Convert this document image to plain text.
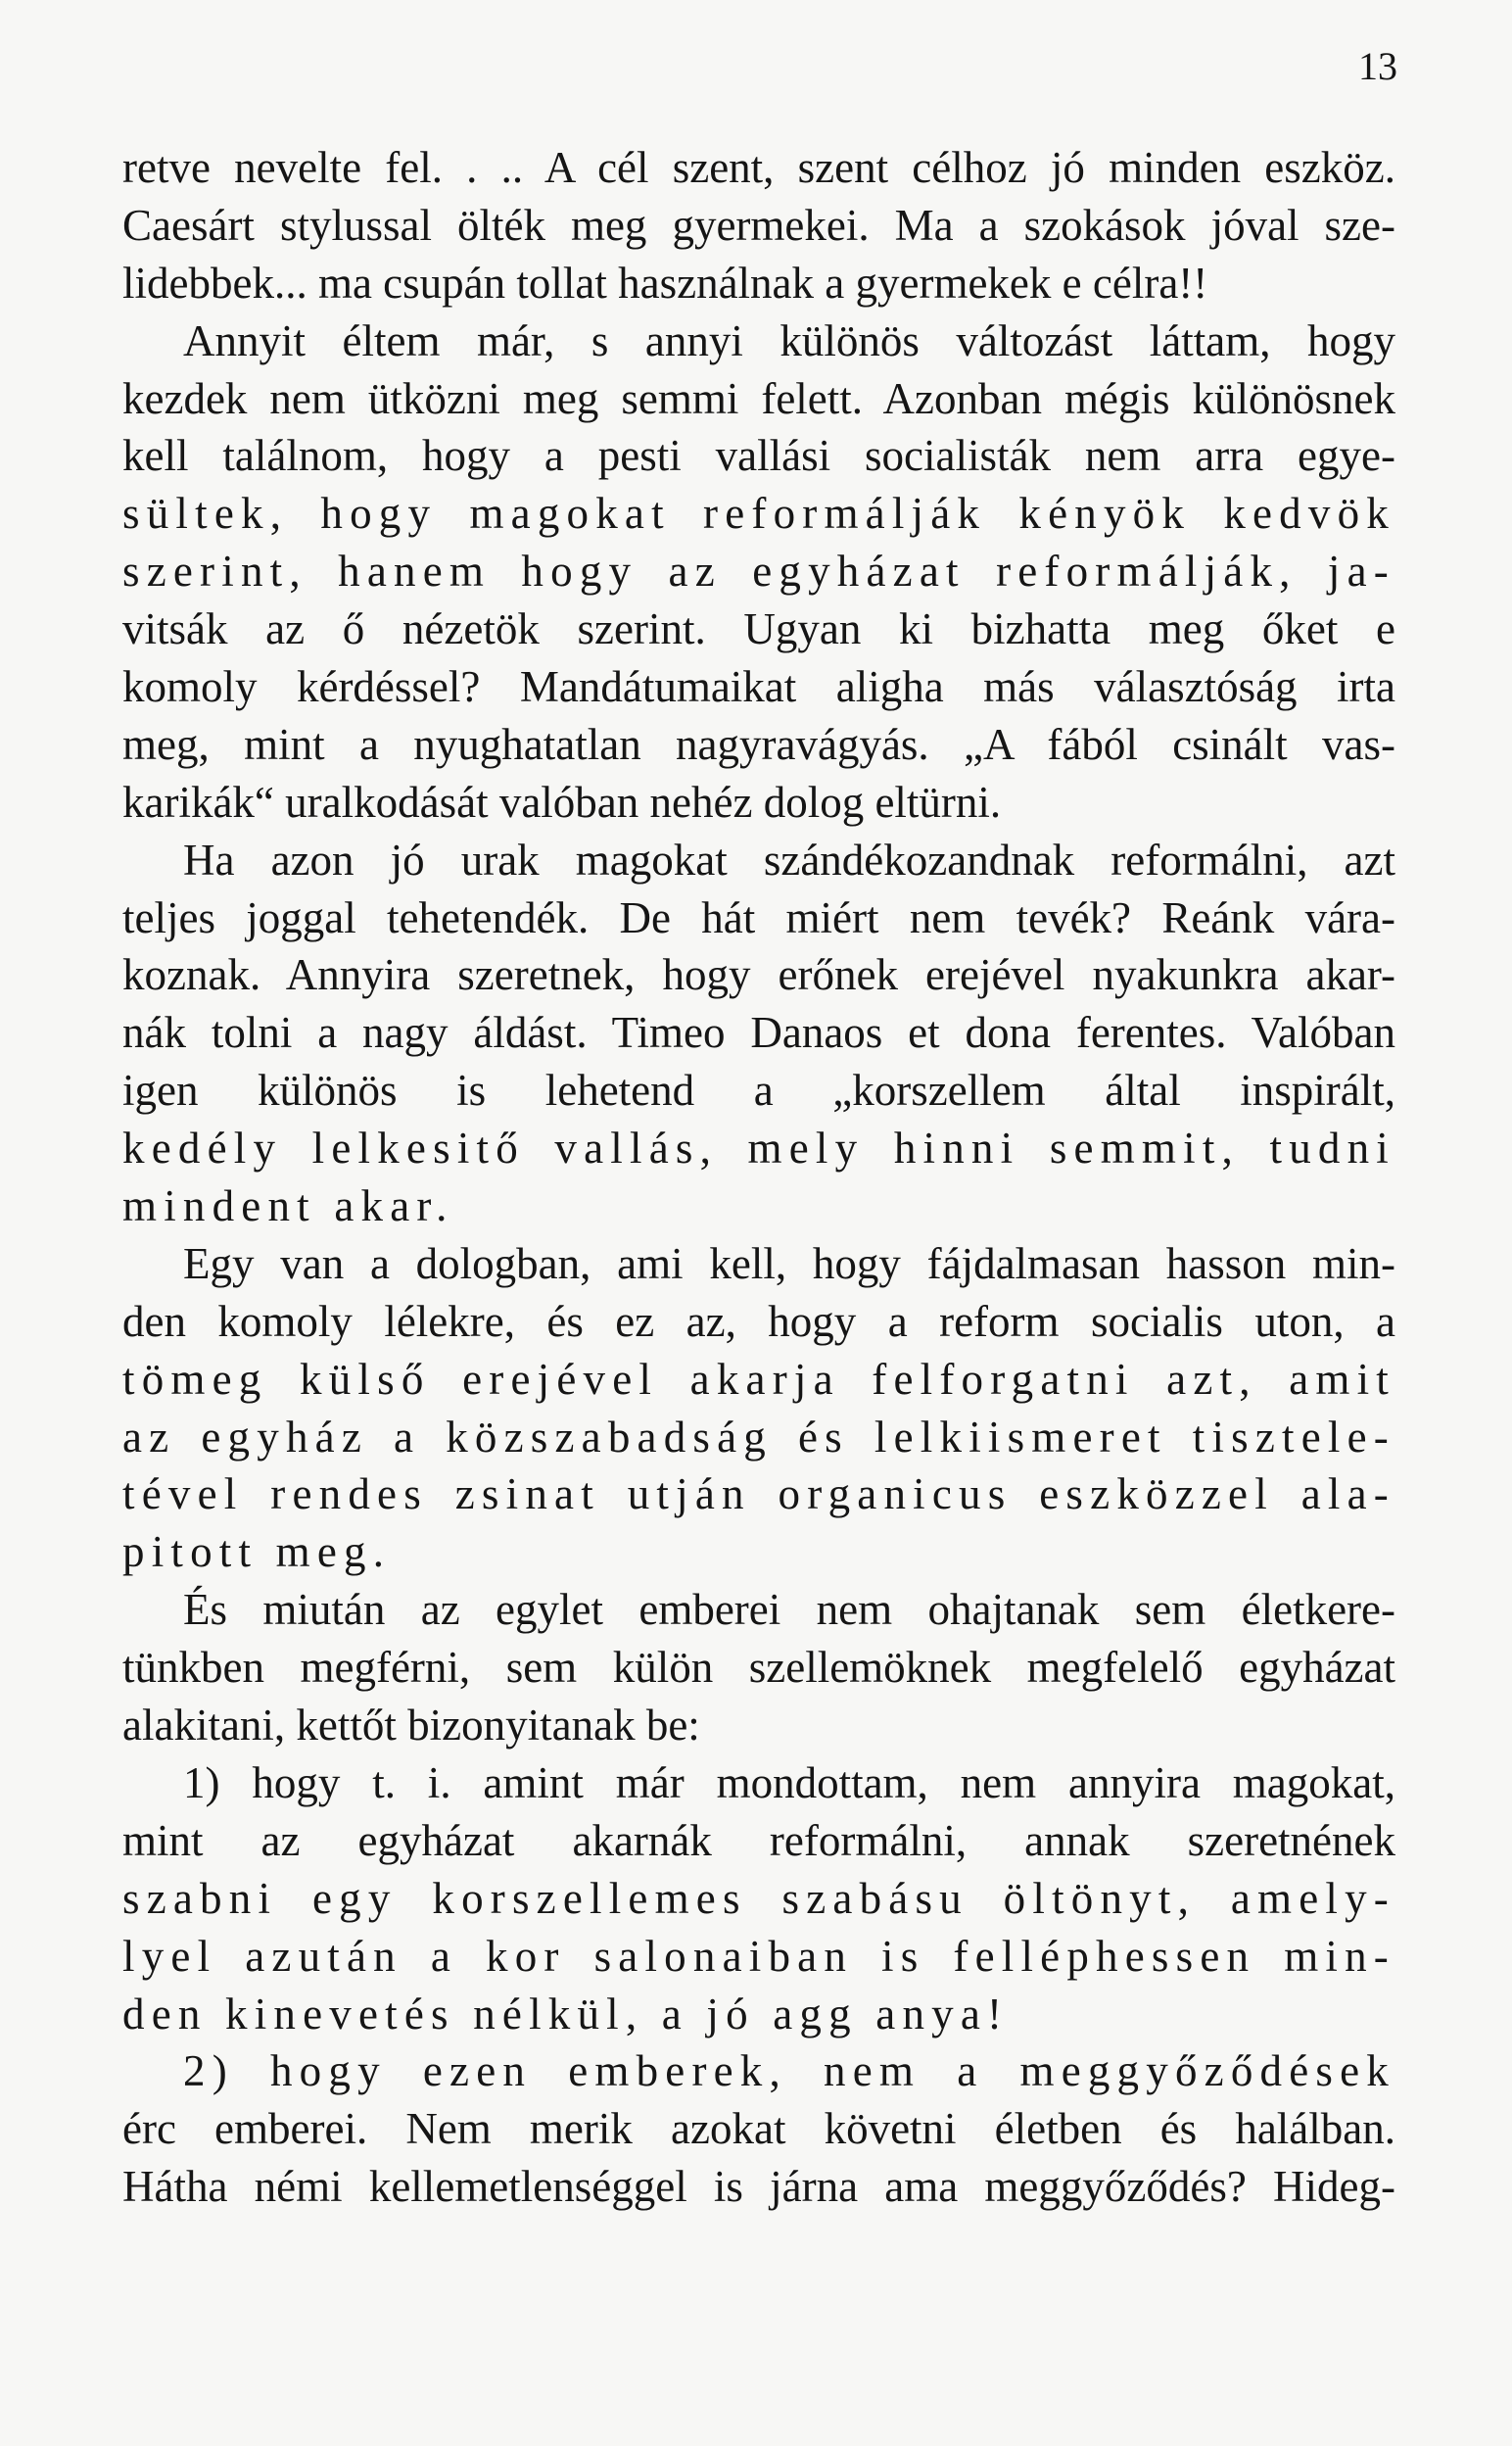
13
retve nevelte fel. . .. A cél szent, szent célhoz jó minden eszköz.
Caesárt stylussal ölték meg gyermekei. Ma a szokások jóval sze-
lidebbek... ma csupán tollat használnak a gyermekek e célra!!
Annyit éltem már, s annyi különös változást láttam, hogy
kezdek nem ütközni meg semmi felett. Azonban mégis különösnek
kell találnom, hogy a pesti vallási socialisták nem arra egye-
sültek, hogy magokat reformálják kényök kedvök
szerint, hanem hogy az egyházat reformálják, ja-
vitsák az ő nézetök szerint. Ugyan ki bizhatta meg őket e
komoly kérdéssel? Mandátumaikat aligha más választóság irta
meg, mint a nyughatatlan nagyravágyás. „A fából csinált vas-
karikák“ uralkodását valóban nehéz dolog eltürni.
Ha azon jó urak magokat szándékozandnak reformálni, azt
teljes joggal tehetendék. De hát miért nem tevék? Reánk vára-
koznak. Annyira szeretnek, hogy erőnek erejével nyakunkra akar-
nák tolni a nagy áldást. Timeo Danaos et dona ferentes. Valóban
igen különös is lehetend a „korszellem által inspirált,
kedély lelkesitő vallás, mely hinni semmit, tudni
mindent akar.
Egy van a dologban, ami kell, hogy fájdalmasan hasson min-
den komoly lélekre, és ez az, hogy a reform socialis uton, a
tömeg külső erejével akarja felforgatni azt, amit
az egyház a közszabadság és lelkiismeret tisztele-
tével rendes zsinat utján organicus eszközzel ala-
pitott meg.
És miután az egylet emberei nem ohajtanak sem életkere-
tünkben megférni, sem külön szellemöknek megfelelő egyházat
alakitani, kettőt bizonyitanak be:
1) hogy t. i. amint már mondottam, nem annyira magokat,
mint az egyházat akarnák reformálni, annak szeretnének
szabni egy korszellemes szabásu öltönyt, amely-
lyel azután a kor salonaiban is felléphessen min-
den kinevetés nélkül, a jó agg anya!
2) hogy ezen emberek, nem a meggyőződések
érc emberei. Nem merik azokat követni életben és halálban.
Hátha némi kellemetlenséggel is járna ama meggyőződés? Hideg-
